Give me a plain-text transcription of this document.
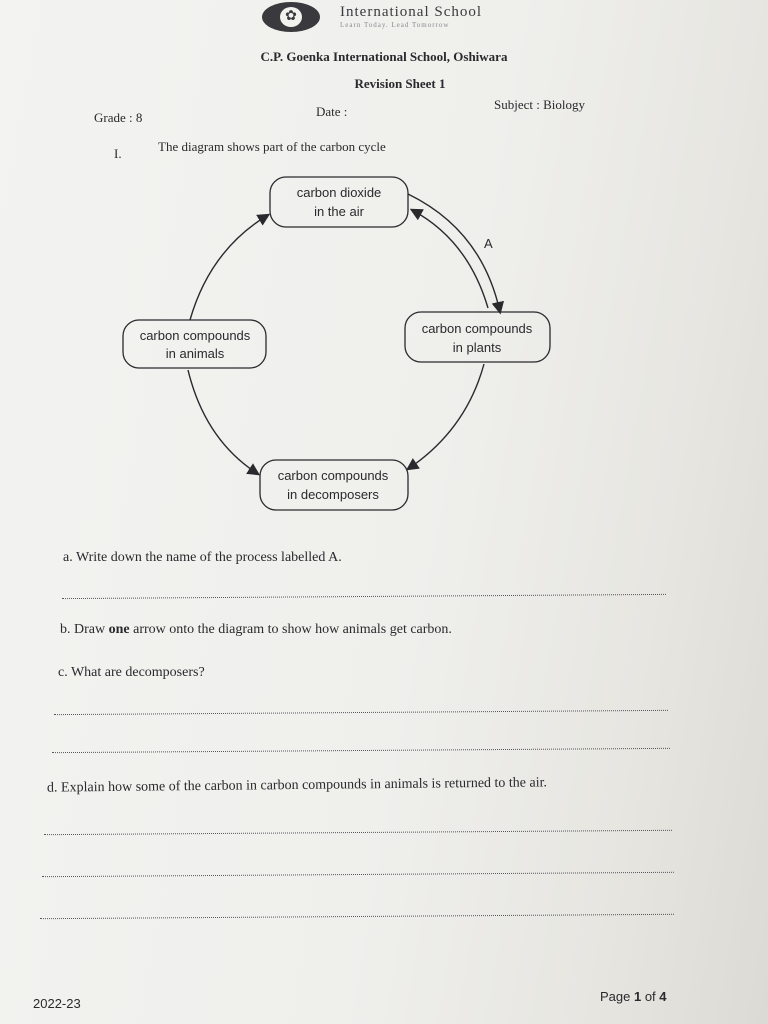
✿	International School
Learn Today. Lead Tomorrow
C.P. Goenka International School, Oshiwara
Revision Sheet 1
Grade : 8	Date :	Subject : Biology
I.	The diagram shows part of the carbon cycle
carbon dioxide
in the air
carbon compounds
in plants
carbon compounds
in animals
carbon compounds
in decomposers
A
a. Write down the name of the process labelled A.
b. Draw one arrow onto the diagram to show how animals get carbon.
c. What are decomposers?
d. Explain how some of the carbon in carbon compounds in animals is returned to the air.
2022-23	Page 1 of 4
